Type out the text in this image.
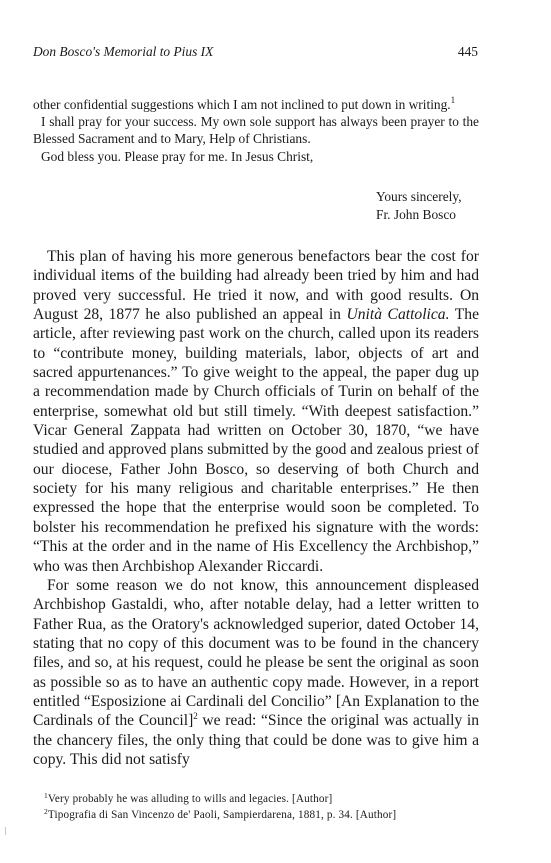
Don Bosco's Memorial to Pius IX	445

other confidential suggestions which I am not inclined to put down in writing.$^1$

I shall pray for your success. My own sole support has always been prayer to the Blessed Sacrament and to Mary, Help of Christians.

God bless you. Please pray for me. In Jesus Christ,

Yours sincerely,
Fr. John Bosco

This plan of having his more generous benefactors bear the cost for individual items of the building had already been tried by him and had proved very successful. He tried it now, and with good results. On August 28, 1877 he also published an appeal in Unità Cattolica. The article, after reviewing past work on the church, called upon its readers to “contribute money, building materials, labor, objects of art and sacred appurtenances.” To give weight to the appeal, the paper dug up a recommendation made by Church officials of Turin on behalf of the enterprise, somewhat old but still timely. “With deepest satisfaction.” Vicar General Zappata had written on October 30, 1870, “we have studied and approved plans submitted by the good and zealous priest of our diocese, Father John Bosco, so deserving of both Church and society for his many religious and charitable enterprises.” He then expressed the hope that the enterprise would soon be completed. To bolster his recommendation he prefixed his signature with the words: “This at the order and in the name of His Excellency the Archbishop,” who was then Archbishop Alexander Riccardi.

For some reason we do not know, this announcement displeased Archbishop Gastaldi, who, after notable delay, had a letter written to Father Rua, as the Oratory's acknowledged superior, dated October 14, stating that no copy of this document was to be found in the chancery files, and so, at his request, could he please be sent the original as soon as possible so as to have an authentic copy made. However, in a report entitled “Esposizione ai Cardinali del Concilio” [An Explanation to the Cardinals of the Council]$^2$ we read: “Since the original was actually in the chancery files, the only thing that could be done was to give him a copy. This did not satisfy

$^1$Very probably he was alluding to wills and legacies. [Author]
$^2$Tipografia di San Vincenzo de' Paoli, Sampierdarena, 1881, p. 34. [Author]
